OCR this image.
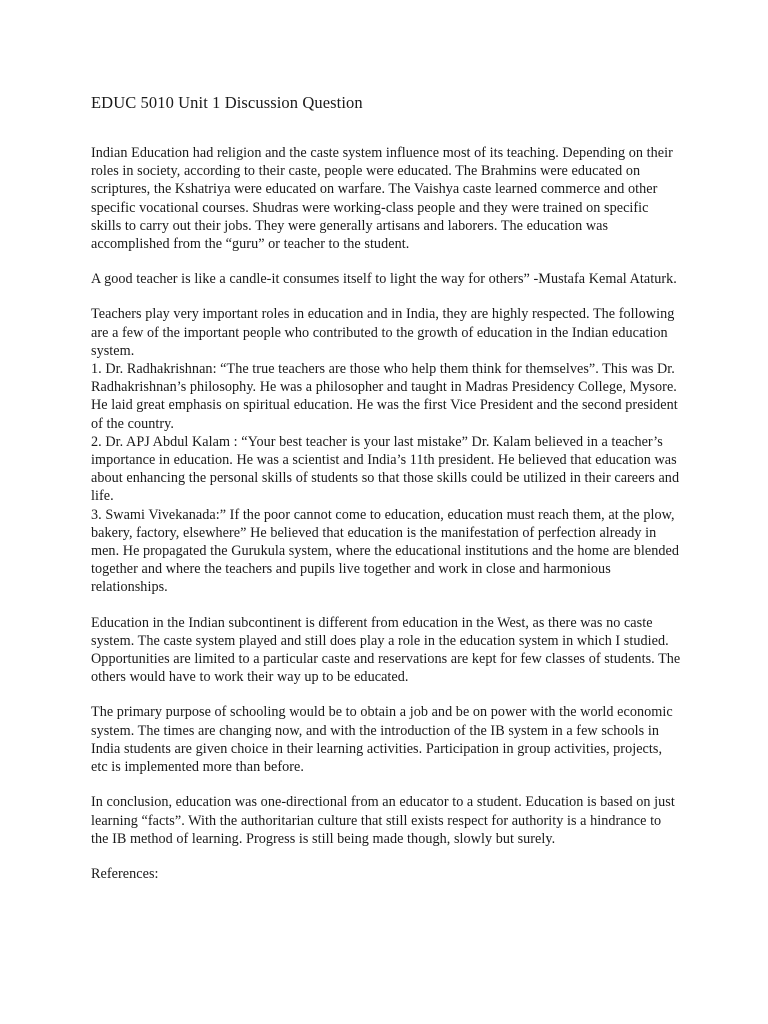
EDUC 5010 Unit 1 Discussion Question

Indian Education had religion and the caste system influence most of its teaching. Depending on their roles in society, according to their caste, people were educated. The Brahmins were educated on scriptures, the Kshatriya were educated on warfare. The Vaishya caste learned commerce and other specific vocational courses. Shudras were working-class people and they were trained on specific skills to carry out their jobs. They were generally artisans and laborers. The education was accomplished from the “guru” or teacher to the student.

A good teacher is like a candle-it consumes itself to light the way for others” -Mustafa Kemal Ataturk.

Teachers play very important roles in education and in India, they are highly respected. The following are a few of the important people who contributed to the growth of education in the Indian education system.

1. Dr. Radhakrishnan: “The true teachers are those who help them think for themselves”. This was Dr. Radhakrishnan’s philosophy. He was a philosopher and taught in Madras Presidency College, Mysore. He laid great emphasis on spiritual education. He was the first Vice President and the second president of the country.

2. Dr. APJ Abdul Kalam : “Your best teacher is your last mistake” Dr. Kalam believed in a teacher’s importance in education. He was a scientist and India’s 11th president. He believed that education was about enhancing the personal skills of students so that those skills could be utilized in their careers and life.

3. Swami Vivekanada:” If the poor cannot come to education, education must reach them, at the plow, bakery, factory, elsewhere” He believed that education is the manifestation of perfection already in men. He propagated the Gurukula system, where the educational institutions and the home are blended together and where the teachers and pupils live together and work in close and harmonious relationships.

Education in the Indian subcontinent is different from education in the West, as there was no caste system. The caste system played and still does play a role in the education system in which I studied. Opportunities are limited to a particular caste and reservations are kept for few classes of students. The others would have to work their way up to be educated.

The primary purpose of schooling would be to obtain a job and be on power with the world economic system. The times are changing now, and with the introduction of the IB system in a few schools in India students are given choice in their learning activities. Participation in group activities, projects, etc is implemented more than before.

In conclusion, education was one-directional from an educator to a student. Education is based on just learning “facts”. With the authoritarian culture that still exists respect for authority is a hindrance to the IB method of learning. Progress is still being made though, slowly but surely.

References:
